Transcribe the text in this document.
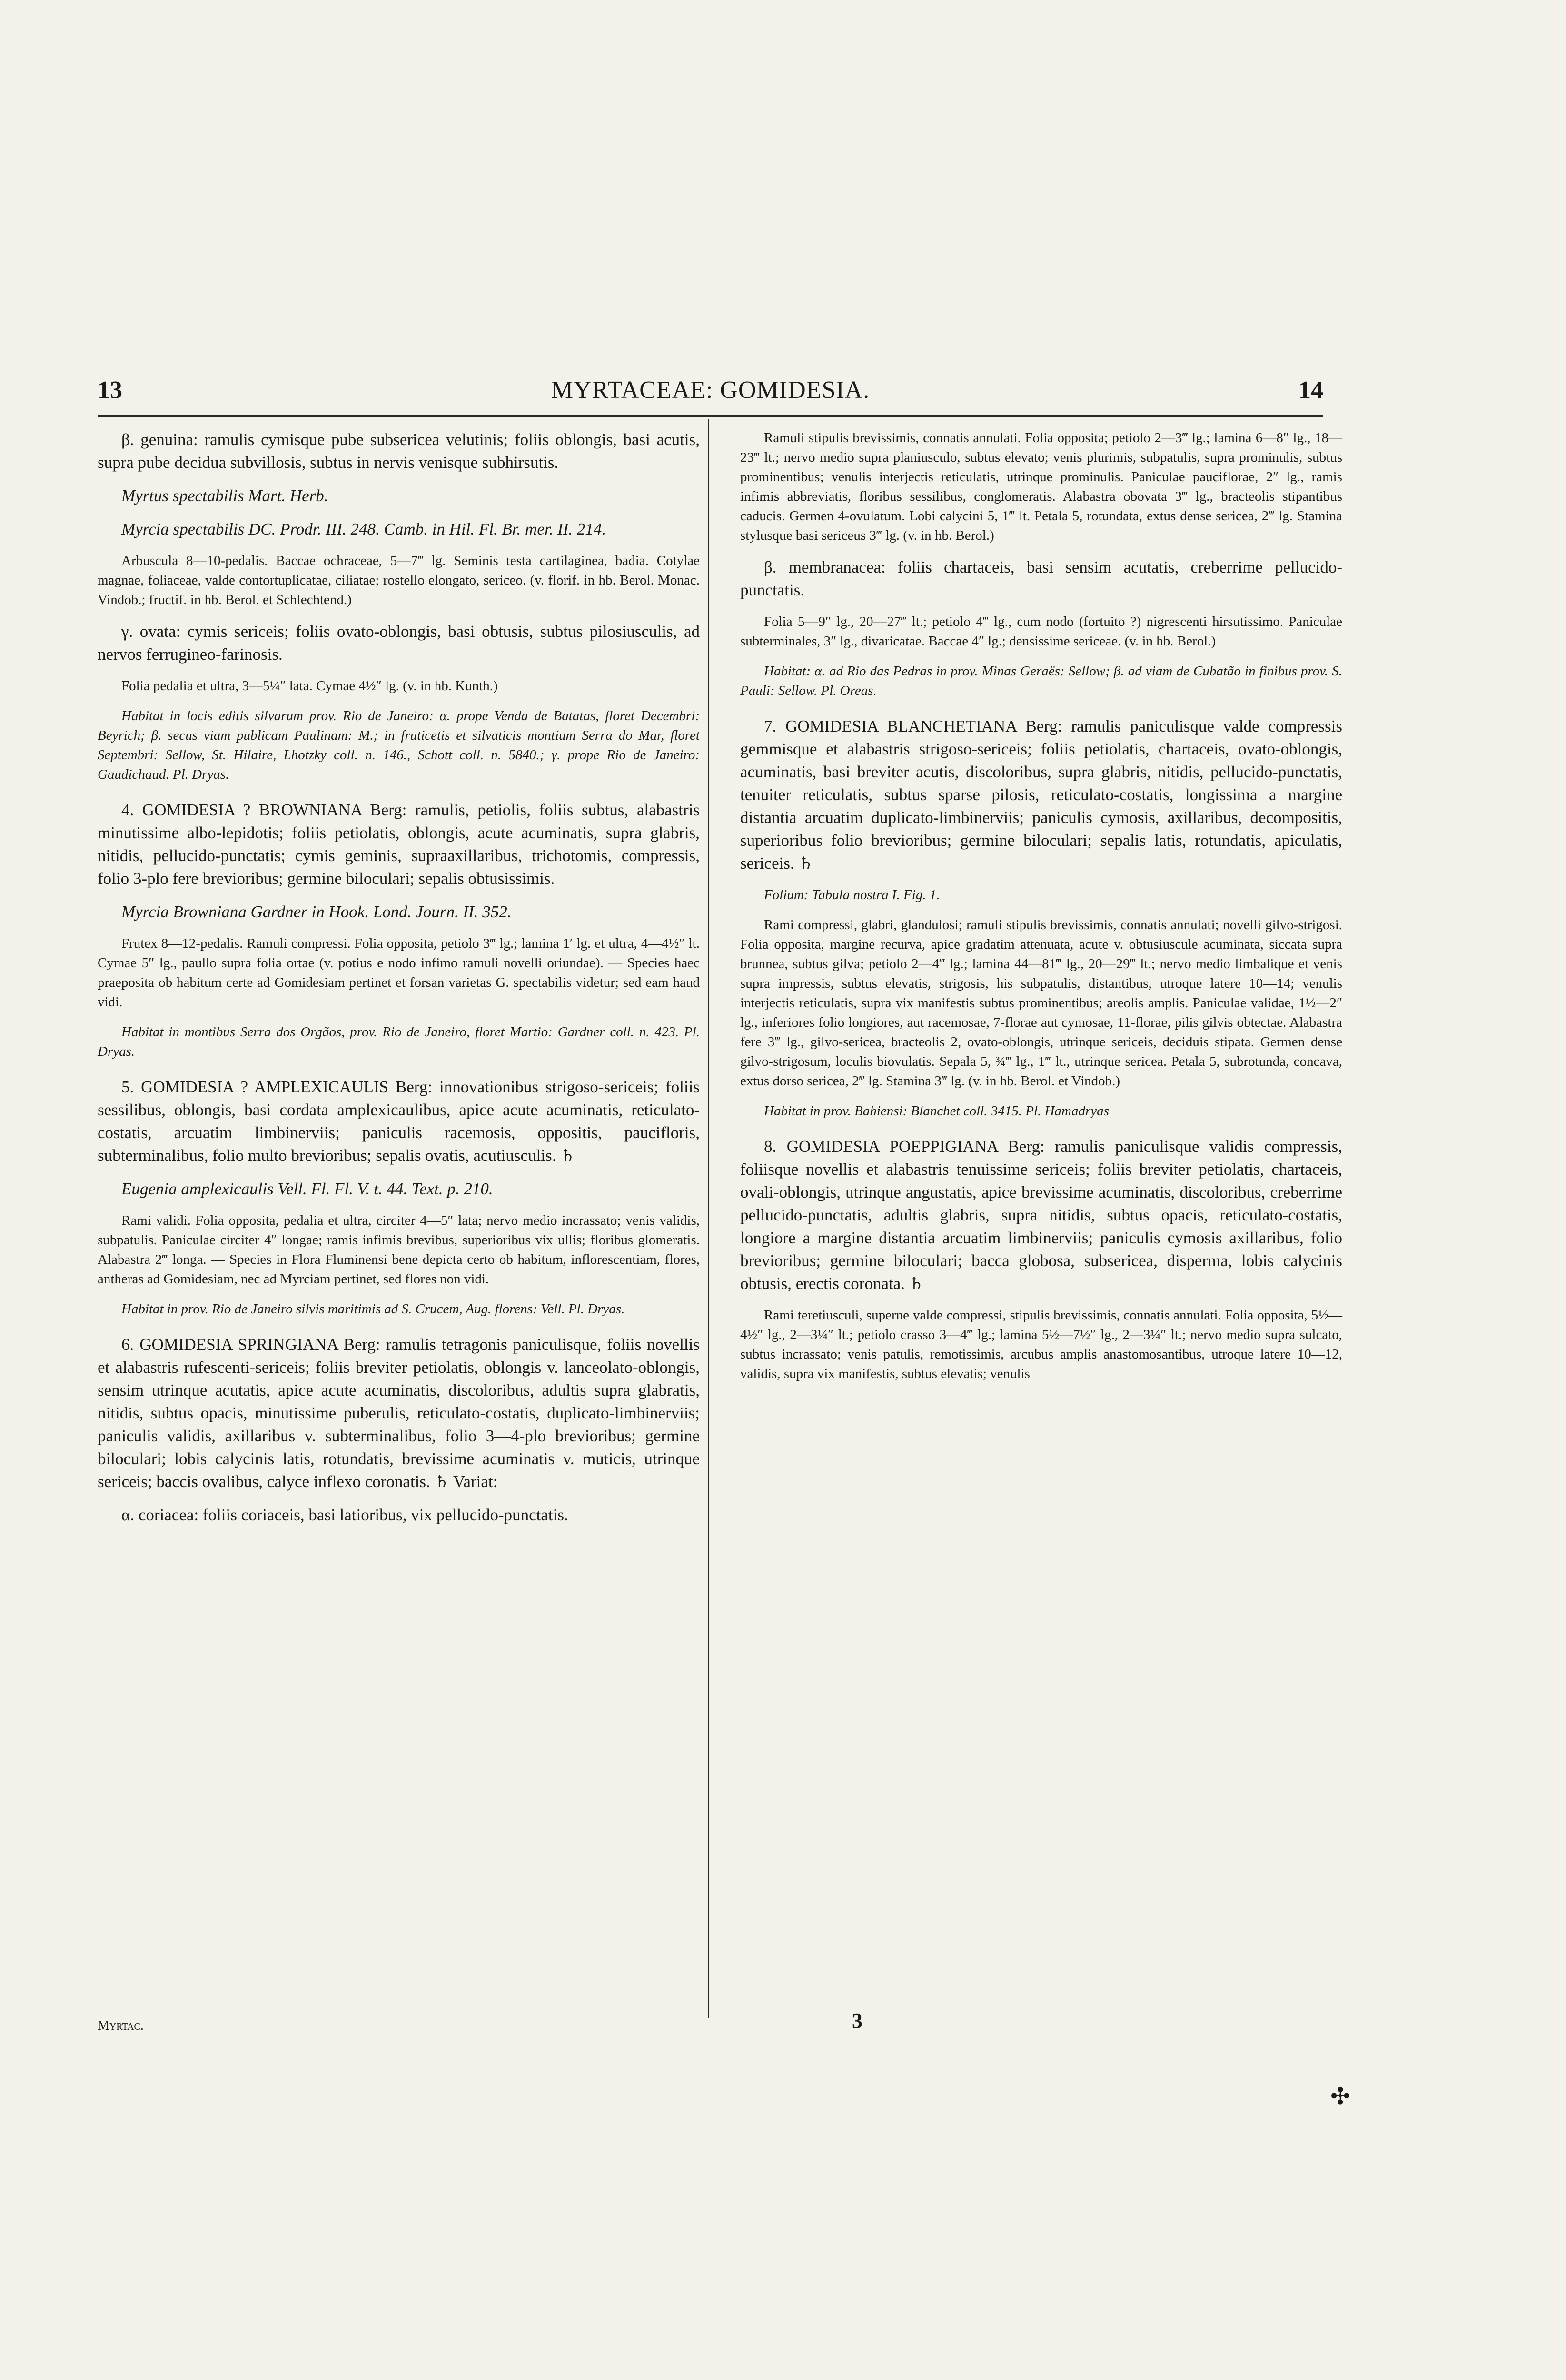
13	MYRTACEAE: GOMIDESIA.	14

β. genuina: ramulis cymisque pube subsericea velutinis; foliis oblongis, basi acutis, supra pube decidua subvillosis, subtus in nervis venisque subhirsutis.

Myrtus spectabilis Mart. Herb.

Myrcia spectabilis DC. Prodr. III. 248. Camb. in Hil. Fl. Br. mer. II. 214.

Arbuscula 8—10-pedalis. Baccae ochraceae, 5—7‴ lg. Seminis testa cartilaginea, badia. Cotylae magnae, foliaceae, valde contortuplicatae, ciliatae; rostello elongato, sericeo. (v. florif. in hb. Berol. Monac. Vindob.; fructif. in hb. Berol. et Schlechtend.)

γ. ovata: cymis sericeis; foliis ovato-oblongis, basi obtusis, subtus pilosiusculis, ad nervos ferrugineo-farinosis.

Folia pedalia et ultra, 3—5¼″ lata. Cymae 4½″ lg. (v. in hb. Kunth.)

Habitat in locis editis silvarum prov. Rio de Janeiro: α. prope Venda de Batatas, floret Decembri: Beyrich; β. secus viam publicam Paulinam: M.; in fruticetis et silvaticis montium Serra do Mar, floret Septembri: Sellow, St. Hilaire, Lhotzky coll. n. 146., Schott coll. n. 5840.; γ. prope Rio de Janeiro: Gaudichaud. Pl. Dryas.

4. GOMIDESIA ? BROWNIANA Berg: ramulis, petiolis, foliis subtus, alabastris minutissime albo-lepidotis; foliis petiolatis, oblongis, acute acuminatis, supra glabris, nitidis, pellucido-punctatis; cymis geminis, supraaxillaribus, trichotomis, compressis, folio 3-plo fere brevioribus; germine biloculari; sepalis obtusissimis.

Myrcia Browniana Gardner in Hook. Lond. Journ. II. 352.

Frutex 8—12-pedalis. Ramuli compressi. Folia opposita, petiolo 3‴ lg.; lamina 1′ lg. et ultra, 4—4½″ lt. Cymae 5″ lg., paullo supra folia ortae (v. potius e nodo infimo ramuli novelli oriundae). — Species haec praeposita ob habitum certe ad Gomidesiam pertinet et forsan varietas G. spectabilis videtur; sed eam haud vidi.

Habitat in montibus Serra dos Orgãos, prov. Rio de Janeiro, floret Martio: Gardner coll. n. 423. Pl. Dryas.

5. GOMIDESIA ? AMPLEXICAULIS Berg: innovationibus strigoso-sericeis; foliis sessilibus, oblongis, basi cordata amplexicaulibus, apice acute acuminatis, reticulato-costatis, arcuatim limbinerviis; paniculis racemosis, oppositis, paucifloris, subterminalibus, folio multo brevioribus; sepalis ovatis, acutiusculis. ♄

Eugenia amplexicaulis Vell. Fl. Fl. V. t. 44. Text. p. 210.

Rami validi. Folia opposita, pedalia et ultra, circiter 4—5″ lata; nervo medio incrassato; venis validis, subpatulis. Paniculae circiter 4″ longae; ramis infimis brevibus, superioribus vix ullis; floribus glomeratis. Alabastra 2‴ longa. — Species in Flora Fluminensi bene depicta certo ob habitum, inflorescentiam, flores, antheras ad Gomidesiam, nec ad Myrciam pertinet, sed flores non vidi.

Habitat in prov. Rio de Janeiro silvis maritimis ad S. Crucem, Aug. florens: Vell. Pl. Dryas.

6. GOMIDESIA SPRINGIANA Berg: ramulis tetragonis paniculisque, foliis novellis et alabastris rufescenti-sericeis; foliis breviter petiolatis, oblongis v. lanceolato-oblongis, sensim utrinque acutatis, apice acute acuminatis, discoloribus, adultis supra glabratis, nitidis, subtus opacis, minutissime puberulis, reticulato-costatis, duplicato-limbinerviis; paniculis validis, axillaribus v. subterminalibus, folio 3—4-plo brevioribus; germine biloculari; lobis calycinis latis, rotundatis, brevissime acuminatis v. muticis, utrinque sericeis; baccis ovalibus, calyce inflexo coronatis. ♄ Variat:

α. coriacea: foliis coriaceis, basi latioribus, vix pellucido-punctatis.

Ramuli stipulis brevissimis, connatis annulati. Folia opposita; petiolo 2—3‴ lg.; lamina 6—8″ lg., 18—23‴ lt.; nervo medio supra planiusculo, subtus elevato; venis plurimis, subpatulis, supra prominulis, subtus prominentibus; venulis interjectis reticulatis, utrinque prominulis. Paniculae pauciflorae, 2″ lg., ramis infimis abbreviatis, floribus sessilibus, conglomeratis. Alabastra obovata 3‴ lg., bracteolis stipantibus caducis. Germen 4-ovulatum. Lobi calycini 5, 1‴ lt. Petala 5, rotundata, extus dense sericea, 2‴ lg. Stamina stylusque basi sericeus 3‴ lg. (v. in hb. Berol.)

β. membranacea: foliis chartaceis, basi sensim acutatis, creberrime pellucido-punctatis.

Folia 5—9″ lg., 20—27‴ lt.; petiolo 4‴ lg., cum nodo (fortuito ?) nigrescenti hirsutissimo. Paniculae subterminales, 3″ lg., divaricatae. Baccae 4″ lg.; densissime sericeae. (v. in hb. Berol.)

Habitat: α. ad Rio das Pedras in prov. Minas Geraës: Sellow; β. ad viam de Cubatão in finibus prov. S. Pauli: Sellow. Pl. Oreas.

7. GOMIDESIA BLANCHETIANA Berg: ramulis paniculisque valde compressis gemmisque et alabastris strigoso-sericeis; foliis petiolatis, chartaceis, ovato-oblongis, acuminatis, basi breviter acutis, discoloribus, supra glabris, nitidis, pellucido-punctatis, tenuiter reticulatis, subtus sparse pilosis, reticulato-costatis, longissima a margine distantia arcuatim duplicato-limbinerviis; paniculis cymosis, axillaribus, decompositis, superioribus folio brevioribus; germine biloculari; sepalis latis, rotundatis, apiculatis, sericeis. ♄

Folium: Tabula nostra I. Fig. 1.

Rami compressi, glabri, glandulosi; ramuli stipulis brevissimis, connatis annulati; novelli gilvo-strigosi. Folia opposita, margine recurva, apice gradatim attenuata, acute v. obtusiuscule acuminata, siccata supra brunnea, subtus gilva; petiolo 2—4‴ lg.; lamina 44—81‴ lg., 20—29‴ lt.; nervo medio limbalique et venis supra impressis, subtus elevatis, strigosis, his subpatulis, distantibus, utroque latere 10—14; venulis interjectis reticulatis, supra vix manifestis subtus prominentibus; areolis amplis. Paniculae validae, 1½—2″ lg., inferiores folio longiores, aut racemosae, 7-florae aut cymosae, 11-florae, pilis gilvis obtectae. Alabastra fere 3‴ lg., gilvo-sericea, bracteolis 2, ovato-oblongis, utrinque sericeis, deciduis stipata. Germen dense gilvo-strigosum, loculis biovulatis. Sepala 5, ¾‴ lg., 1‴ lt., utrinque sericea. Petala 5, subrotunda, concava, extus dorso sericea, 2‴ lg. Stamina 3‴ lg. (v. in hb. Berol. et Vindob.)

Habitat in prov. Bahiensi: Blanchet coll. 3415. Pl. Hamadryas

8. GOMIDESIA POEPPIGIANA Berg: ramulis paniculisque validis compressis, foliisque novellis et alabastris tenuissime sericeis; foliis breviter petiolatis, chartaceis, ovali-oblongis, utrinque angustatis, apice brevissime acuminatis, discoloribus, creberrime pellucido-punctatis, adultis glabris, supra nitidis, subtus opacis, reticulato-costatis, longiore a margine distantia arcuatim limbinerviis; paniculis cymosis axillaribus, folio brevioribus; germine biloculari; bacca globosa, subsericea, disperma, lobis calycinis obtusis, erectis coronata. ♄

Rami teretiusculi, superne valde compressi, stipulis brevissimis, connatis annulati. Folia opposita, 5½—4½″ lg., 2—3¼″ lt.; petiolo crasso 3—4‴ lg.; lamina 5½—7½″ lg., 2—3¼″ lt.; nervo medio supra sulcato, subtus incrassato; venis patulis, remotissimis, arcubus amplis anastomosantibus, utroque latere 10—12, validis, supra vix manifestis, subtus elevatis; venulis

Myrtac.	3
✣
